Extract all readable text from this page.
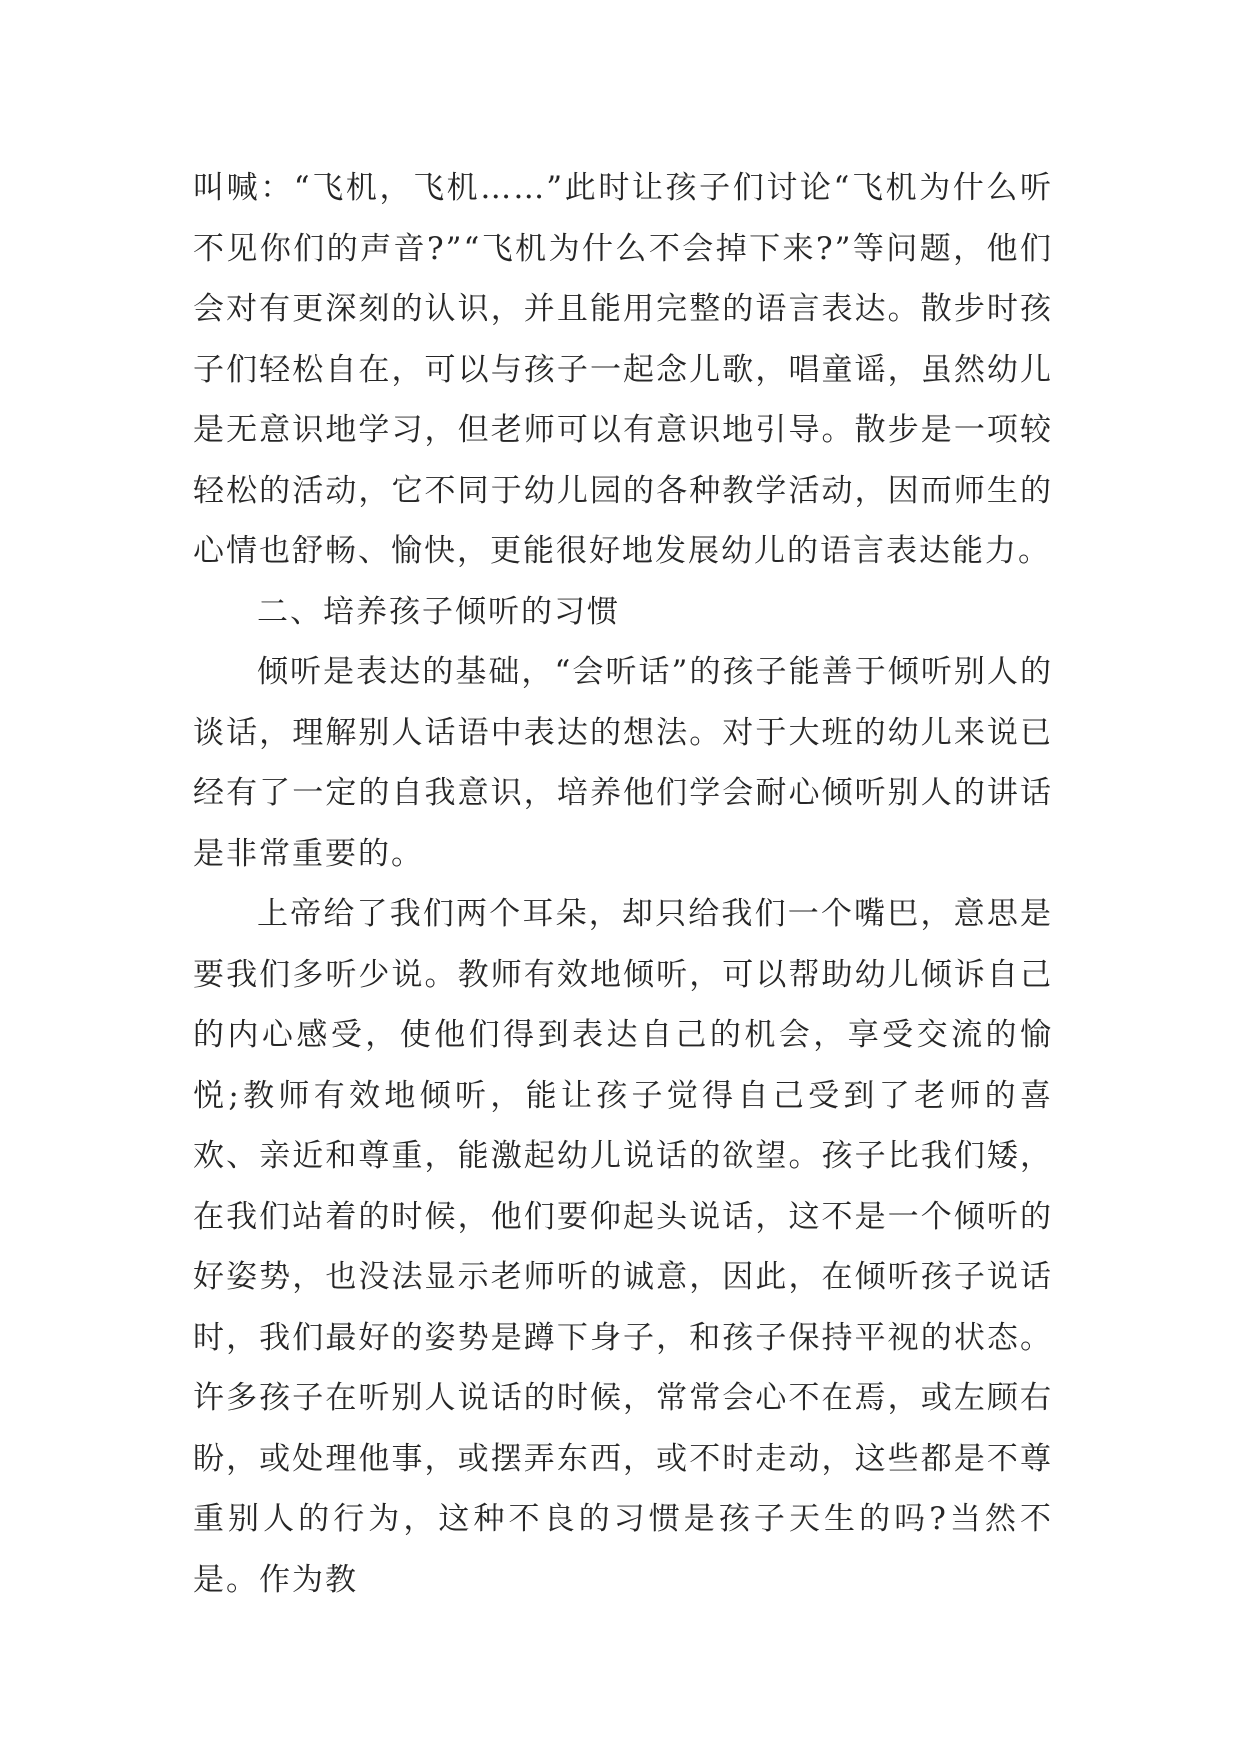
叫喊：“飞机，飞机……”此时让孩子们讨论“飞机为什么听不见你们的声音?”“飞机为什么不会掉下来?”等问题，他们会对有更深刻的认识，并且能用完整的语言表达。散步时孩子们轻松自在，可以与孩子一起念儿歌，唱童谣，虽然幼儿是无意识地学习，但老师可以有意识地引导。散步是一项较轻松的活动，它不同于幼儿园的各种教学活动，因而师生的心情也舒畅、愉快，更能很好地发展幼儿的语言表达能力。

二、培养孩子倾听的习惯

倾听是表达的基础，“会听话”的孩子能善于倾听别人的谈话，理解别人话语中表达的想法。对于大班的幼儿来说已经有了一定的自我意识，培养他们学会耐心倾听别人的讲话是非常重要的。

上帝给了我们两个耳朵，却只给我们一个嘴巴，意思是要我们多听少说。教师有效地倾听，可以帮助幼儿倾诉自己的内心感受，使他们得到表达自己的机会，享受交流的愉悦;教师有效地倾听，能让孩子觉得自己受到了老师的喜欢、亲近和尊重，能激起幼儿说话的欲望。孩子比我们矮，在我们站着的时候，他们要仰起头说话，这不是一个倾听的好姿势，也没法显示老师听的诚意，因此，在倾听孩子说话时，我们最好的姿势是蹲下身子，和孩子保持平视的状态。许多孩子在听别人说话的时候，常常会心不在焉，或左顾右盼，或处理他事，或摆弄东西，或不时走动，这些都是不尊重别人的行为，这种不良的习惯是孩子天生的吗?当然不是。作为教
